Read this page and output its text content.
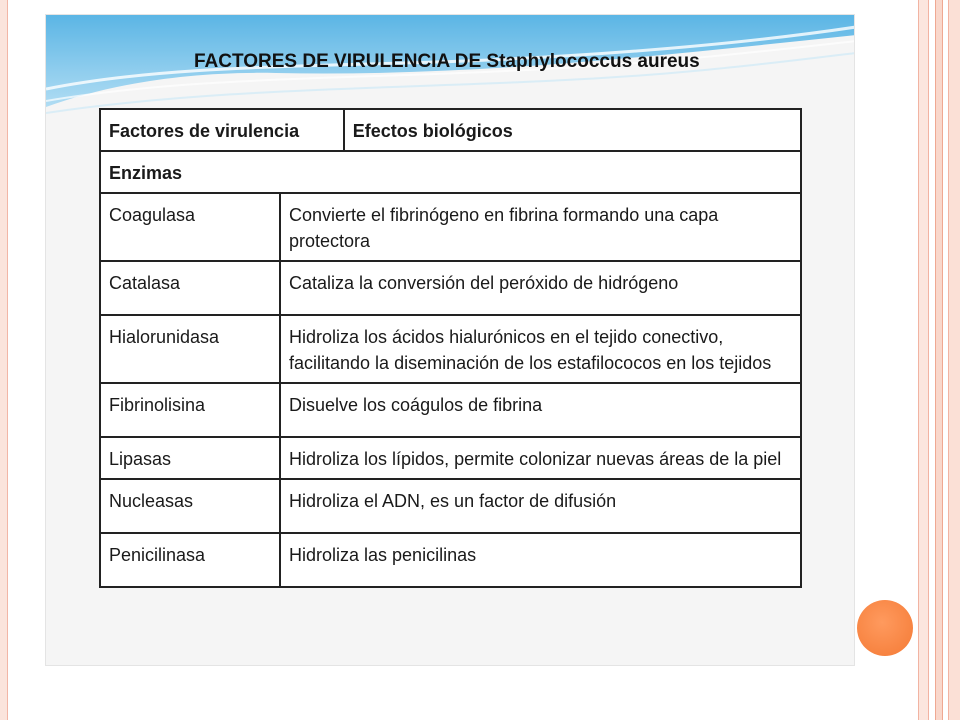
FACTORES DE VIRULENCIA DE Staphylococcus aureus
Factores de virulencia		Efectos biológicos
Enzimas		
Coagulasa	Convierte el fibrinógeno en fibrina formando una capa protectora	
Catalasa	Cataliza la conversión del peróxido de hidrógeno	
Hialorunidasa	Hidroliza los ácidos hialurónicos en el tejido conectivo, facilitando la diseminación de los estafilococos en los tejidos	
Fibrinolisina	Disuelve los coágulos de fibrina	
Lipasas	Hidroliza los lípidos, permite colonizar nuevas áreas de la piel	
Nucleasas	Hidroliza el ADN, es un factor de difusión	
Penicilinasa	Hidroliza las penicilinas	
